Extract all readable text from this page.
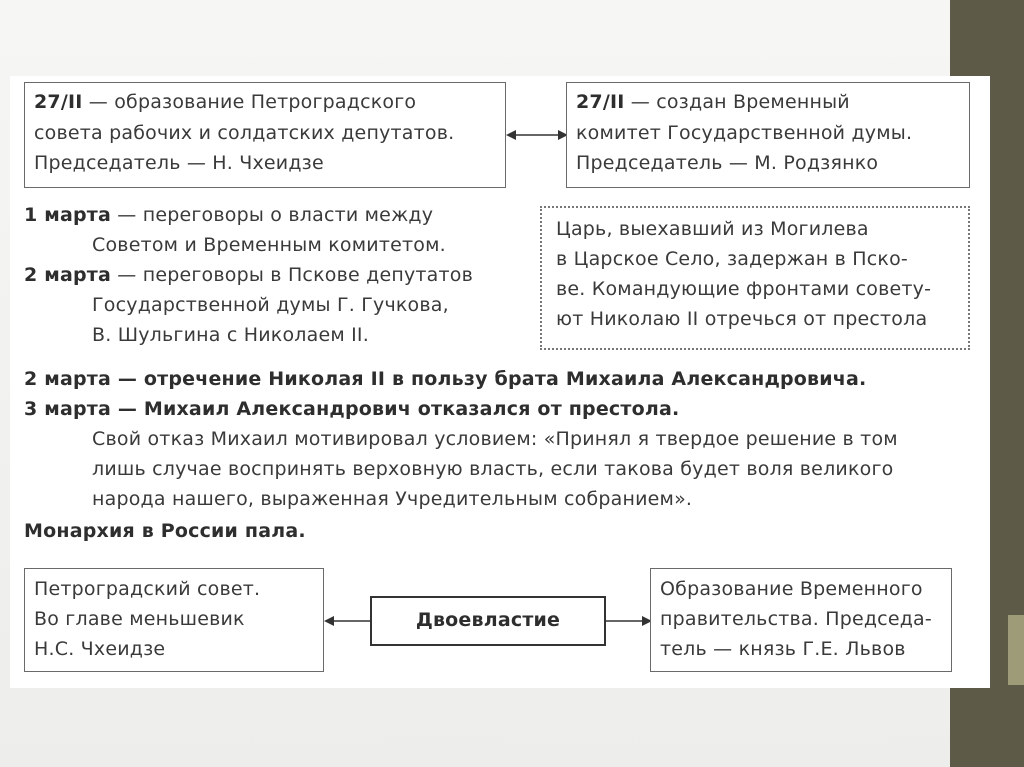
27/II — образование Петроградского
совета рабочих и солдатских депутатов.
Председатель — Н. Чхеидзе
27/II — создан Временный
комитет Государственной думы.
Председатель — М. Родзянко
1 марта — переговоры о власти между
Советом и Временным комитетом.
2 марта — переговоры в Пскове депутатов
Государственной думы Г. Гучкова,
В. Шульгина с Николаем II.
Царь, выехавший из Могилева
в Царское Село, задержан в Пско-
ве. Командующие фронтами совету-
ют Николаю II отречься от престола
2 марта — отречение Николая II в пользу брата Михаила Александровича.
3 марта — Михаил Александрович отказался от престола.
Свой отказ Михаил мотивировал условием: «Принял я твердое решение в том
лишь случае воспринять верховную власть, если такова будет воля великого
народа нашего, выраженная Учредительным собранием».
Монархия в России пала.
Петроградский совет.
Во главе меньшевик
Н.С. Чхеидзе
Двоевластие
Образование Временного
правительства. Председа-
тель — князь Г.Е. Львов
